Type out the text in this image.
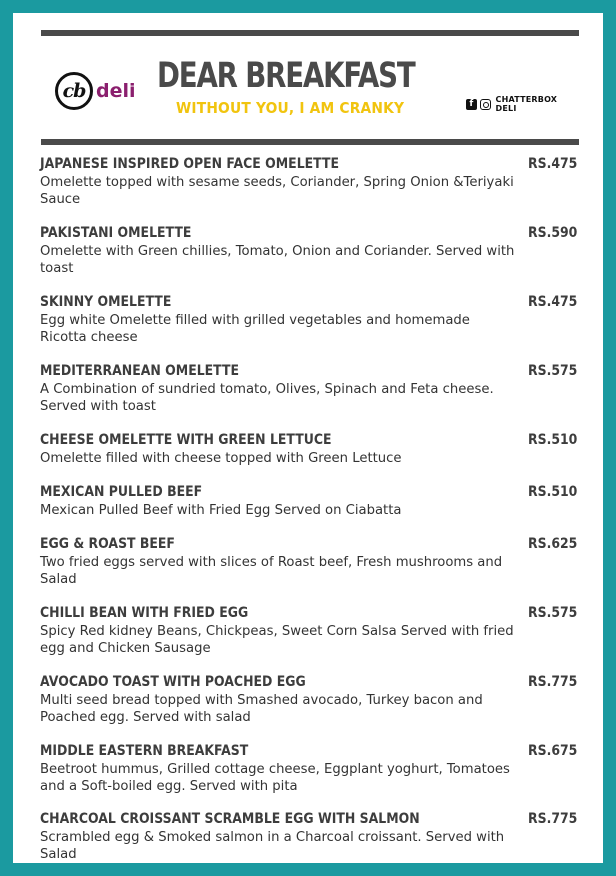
cb deli DEAR BREAKFAST
WITHOUT YOU, I AM CRANKY	f	CHATTERBOX DELI
JAPANESE INSPIRED OPEN FACE OMELETTE	RS.475

Omelette topped with sesame seeds, Coriander, Spring Onion &Teriyaki Sauce

PAKISTANI OMELETTE	RS.590

Omelette with Green chillies, Tomato, Onion and Coriander. Served with toast

SKINNY OMELETTE	RS.475

Egg white Omelette filled with grilled vegetables and homemade Ricotta cheese

MEDITERRANEAN OMELETTE	RS.575

A Combination of sundried tomato, Olives, Spinach and Feta cheese. Served with toast

CHEESE OMELETTE WITH GREEN LETTUCE	RS.510

Omelette filled with cheese topped with Green Lettuce

MEXICAN PULLED BEEF	RS.510

Mexican Pulled Beef with Fried Egg Served on Ciabatta

EGG & ROAST BEEF	RS.625

Two fried eggs served with slices of Roast beef, Fresh mushrooms and Salad

CHILLI BEAN WITH FRIED EGG	RS.575

Spicy Red kidney Beans, Chickpeas, Sweet Corn Salsa Served with fried egg and Chicken Sausage

AVOCADO TOAST WITH POACHED EGG	RS.775

Multi seed bread topped with Smashed avocado, Turkey bacon and Poached egg. Served with salad

MIDDLE EASTERN BREAKFAST	RS.675

Beetroot hummus, Grilled cottage cheese, Eggplant yoghurt, Tomatoes and a Soft-boiled egg. Served with pita

CHARCOAL CROISSANT SCRAMBLE EGG WITH SALMON	RS.775

Scrambled egg & Smoked salmon in a Charcoal croissant. Served with Salad
